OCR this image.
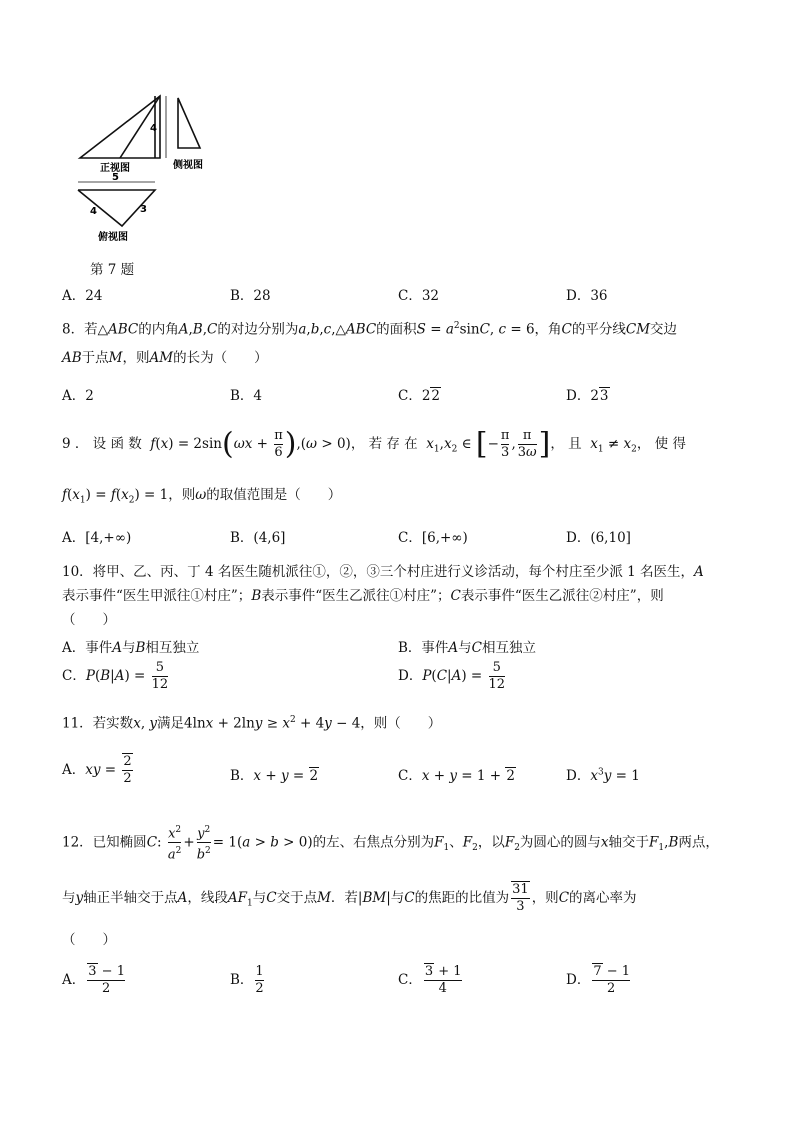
4
正视图	侧视图
5
4	3
俯视图
第 7 题
A．24	B．28	C．32	D．36
8．若△ABC的内角A,B,C的对边分别为a,b,c,△ABC的面积$S = a^2\sin C$, c = 6，角C的平分线CM交边
AB于点M，则AM的长为（　　）
A．2	B．4	C．22	D．23
9 ． 设 函 数 $f(x) = 2\sin(\omega x + \frac{\pi}{6} ),(\omega > 0)$， 若 存 在 $x_1,x_2$ ∈ [− $\frac{\pi}{3}$ , $\frac{\pi}{3\omega}$ ]， 且 $x_1 \ne x_2$， 使 得
$f(x_1) = f(x_2) = 1$，则ω的取值范围是（　　）
A．[4,+∞)	B．(4,6]	C．[6,+∞)	D．(6,10]
10．将甲、乙、丙、丁 4 名医生随机派往①，②，③三个村庄进行义诊活动，每个村庄至少派 1 名医生，A
表示事件“医生甲派往①村庄”；B表示事件“医生乙派往①村庄”；C表示事件“医生乙派往②村庄”，则
（　　）
A．事件A与B相互独立	B．事件A与C相互独立
C．$P(B|A) = \frac{5}{12}$	D．$P(C|A) = \frac{5}{12}$
11．若实数x, y满足$4\ln x + 2\ln y \ge x^2 + 4y - 4$，则（　　）
A．xy = $\frac{2}{2}$	B．x + y = 2	C．x + y = 1 + 2	D．$x^3y = 1$
12．已知椭圆C: $\frac{x^2}{a^2} + \frac{y^2}{b^2} = 1(a > b > 0)$的左、右焦点分别为$F_1$、$F_2$，以$F_2$为圆心的圆与x轴交于$F_1,B$两点，
与y轴正半轴交于点A，线段$AF_1$与C交于点M．若|BM|与C的焦距的比值为 $\frac{31}{3}$ ，则C的离心率为
（　　）
A． $\frac{3 - 1}{2}$	B． $\frac{1}{2}$	C． $\frac{3 + 1}{4}$	D． $\frac{7 - 1}{2}$
